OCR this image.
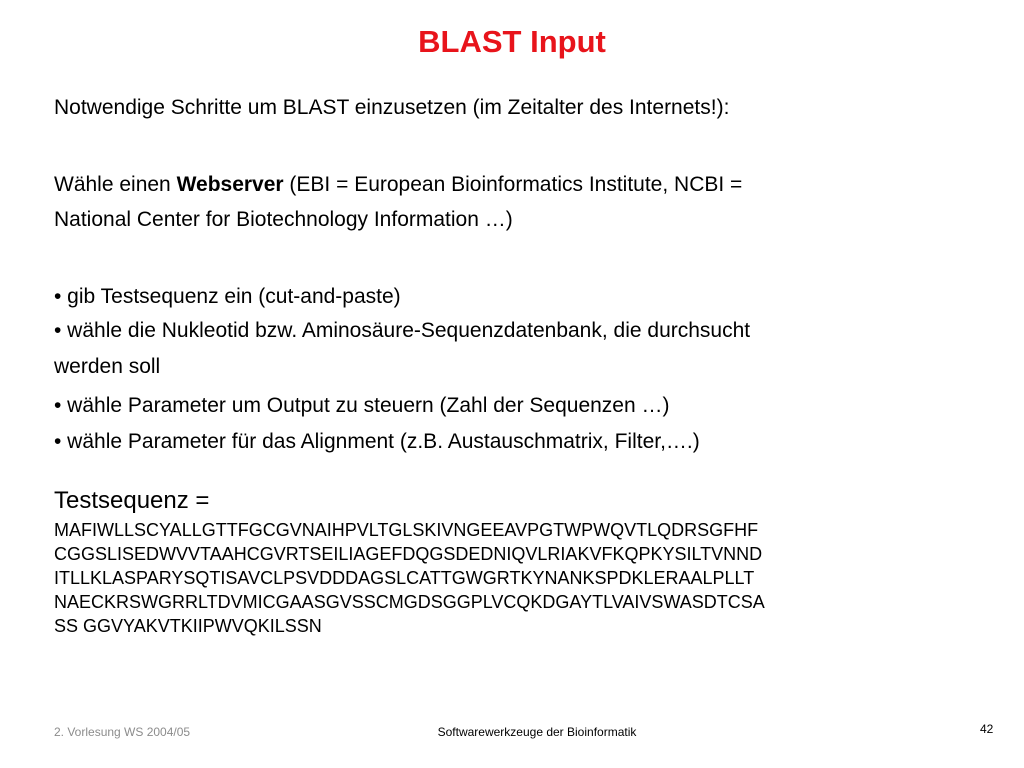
BLAST Input
Notwendige Schritte um BLAST einzusetzen (im Zeitalter des Internets!):
Wähle einen Webserver (EBI = European Bioinformatics Institute, NCBI =
National Center for Biotechnology Information …)
• gib Testsequenz ein (cut-and-paste)
• wähle die Nukleotid bzw. Aminosäure-Sequenzdatenbank, die durchsucht
werden soll
• wähle Parameter um Output zu steuern (Zahl der Sequenzen …)
• wähle Parameter für das Alignment (z.B. Austauschmatrix, Filter,….)
Testsequenz =
MAFIWLLSCYALLGTTFGCGVNAIHPVLTGLSKIVNGEEAVPGTWPWQVTLQDRSGFHF
CGGSLISEDWVVTAAHCGVRTSEILIAGEFDQGSDEDNIQVLRIAKVFKQPKYSILTVNND
ITLLKLASPARYSQTISAVCLPSVDDDAGSLCATTGWGRTKYNANKSPDKLERAALPLLT
NAECKRSWGRRLTDVMICGAASGVSSCMGDSGGPLVCQKDGAYTLVAIVSWASDTCSA
SS GGVYAKVTKIIPWVQKILSSN
2. Vorlesung WS 2004/05	Softwarewerkzeuge der Bioinformatik	42
